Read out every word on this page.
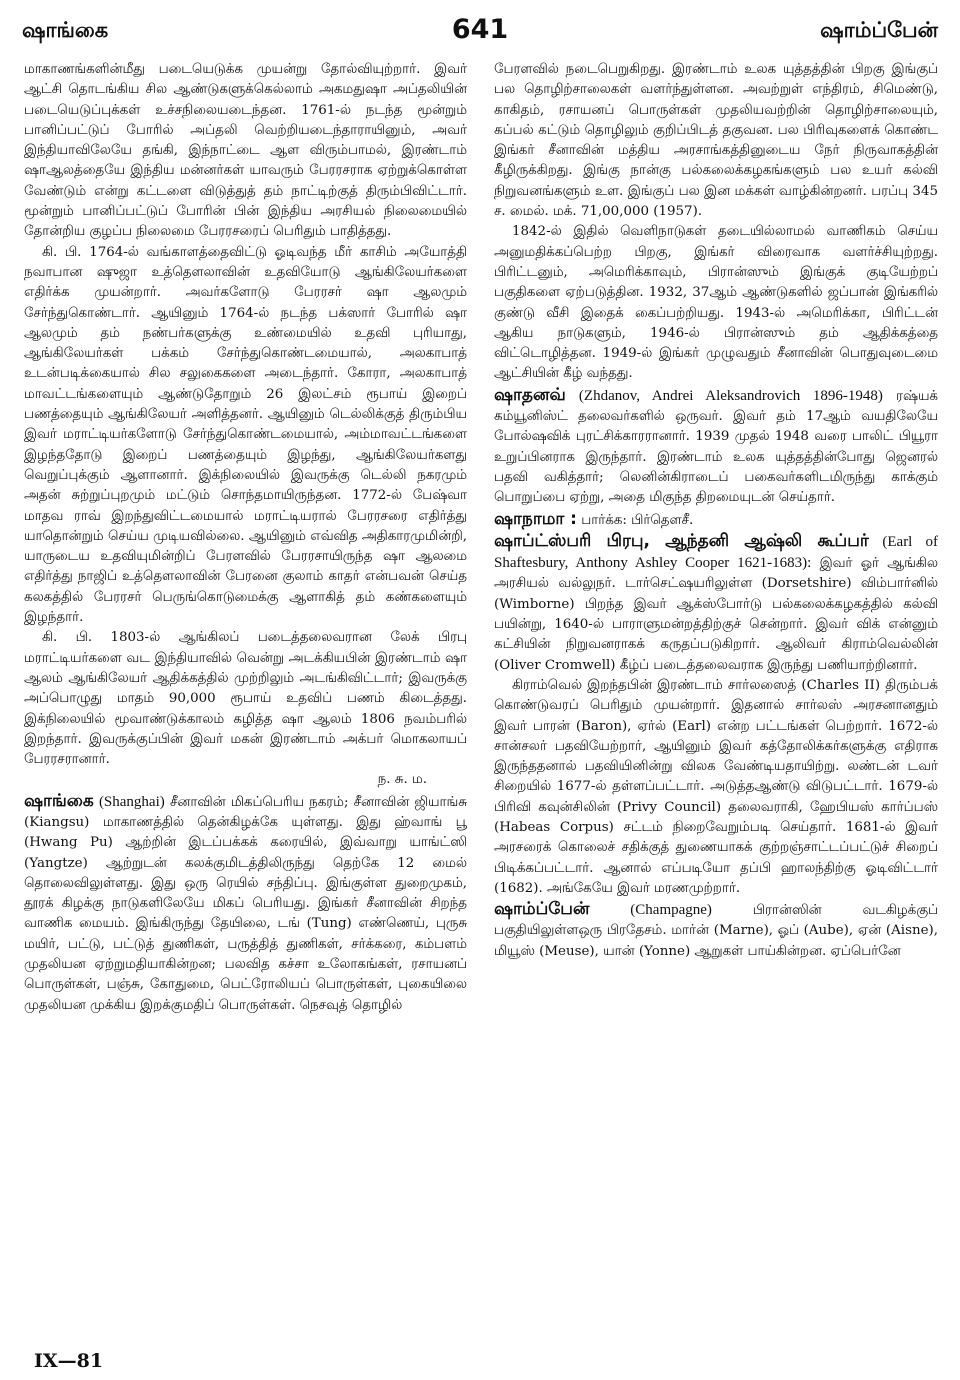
ஷாங்கை	641	ஷாம்ப்பேன்

மாகாணங்களின்மீது படையெடுக்க முயன்று தோல்வியுற்றார். இவர் ஆட்சி தொடங்கிய சில ஆண்டுகளுக்கெல்லாம் அகமதுஷா அப்தலியின் படையெடுப்புக்கள் உச்சநிலையடைந்தன. 1761-ல் நடந்த மூன்றும் பானிப்பட்டுப் போரில் அப்தலி வெற்றியடைந்தாராயினும், அவர் இந்தியாவிலேயே தங்கி, இந்நாட்டை ஆள விரும்பாமல், இரண்டாம் ஷாஆலத்தையே இந்திய மன்னர்கள் யாவரும் பேரரசராக ஏற்றுக்கொள்ள வேண்டும் என்று கட்டளை விடுத்துத் தம் நாட்டிற்குத் திரும்பிவிட்டார். மூன்றும் பானிப்பட்டுப் போரின் பின் இந்திய அரசியல் நிலைமையில் தோன்றிய குழப்ப நிலைமை பேரரசரைப் பெரிதும் பாதித்தது.

கி. பி. 1764-ல் வங்காளத்தைவிட்டு ஓடிவந்த மீர் காசிம் அயோத்தி நவாபான ஷுஜா உத்தௌலாவின் உதவியோடு ஆங்கிலேயர்களை எதிர்க்க முயன்றார். அவர்களோடு பேரரசர் ஷா ஆலமும் சேர்ந்துகொண்டார். ஆயினும் 1764-ல் நடந்த பக்ஸார் போரில் ஷா ஆலமும் தம் நண்பர்களுக்கு உண்மையில் உதவி புரியாது, ஆங்கிலேயர்கள் பக்கம் சேர்ந்துகொண்டமையால், அலகாபாத் உடன்படிக்கையால் சில சலுகைகளை அடைந்தார். கோரா, அலகாபாத் மாவட்டங்களையும் ஆண்டுதோறும் 26 இலட்சம் ரூபாய் இறைப் பணத்தையும் ஆங்கிலேயர் அளித்தனர். ஆயினும் டெல்லிக்குத் திரும்பிய இவர் மராட்டியர்களோடு சேர்ந்துகொண்டமையால், அம்மாவட்டங்களை இழந்ததோடு இறைப் பணத்தையும் இழந்து, ஆங்கிலேயர்களது வெறுப்புக்கும் ஆளானார். இக்நிலையில் இவருக்கு டெல்லி நகரமும் அதன் சுற்றுப்புறமும் மட்டும் சொந்தமாயிருந்தன. 1772-ல் பேஷ்வா மாதவ ராவ் இறந்துவிட்டமையால் மராட்டியரால் பேரரசரை எதிர்த்து யாதொன்றும் செய்ய முடியவில்லை. ஆயினும் எவ்வித அதிகாரமுமின்றி, யாருடைய உதவியுமின்றிப் பேரளவில் பேரரசாயிருந்த ஷா ஆலமை எதிர்த்து நாஜிப் உத்தௌலாவின் பேரனை குலாம் காதர் என்பவன் செய்த கலகத்தில் பேரரசர் பெருங்கொடுமைக்கு ஆளாகித் தம் கண்களையும் இழந்தார்.

கி. பி. 1803-ல் ஆங்கிலப் படைத்தலைவரான லேக் பிரபு மராட்டியர்களை வட இந்தியாவில் வென்று அடக்கியபின் இரண்டாம் ஷா ஆலம் ஆங்கிலேயர் ஆதிக்கத்தில் முற்றிலும் அடங்கிவிட்டார்; இவருக்கு அப்பொழுது மாதம் 90,000 ரூபாய் உதவிப் பணம் கிடைத்தது. இக்நிலையில் மூவாண்டுக்காலம் கழித்த ஷா ஆலம் 1806 நவம்பரில் இறந்தார். இவருக்குப்பின் இவர் மகன் இரண்டாம் அக்பர் மொகலாயப் பேரரசரானார்.

ந. சு. ம.

ஷாங்கை (Shanghai) சீனாவின் மிகப்பெரிய நகரம்; சீனாவின் ஜியாங்சு (Kiangsu) மாகாணத்தில் தென்கிழக்கே யுள்ளது. இது ஹ்வாங் பூ (Hwang Pu) ஆற்றின் இடப்பக்கக் கரையில், இவ்வாறு யாங்ட்ஸி (Yangtze) ஆற்றுடன் கலக்குமிடத்திலிருந்து தெற்கே 12 மைல் தொலைவிலுள்ளது. இது ஒரு ரெயில் சந்திப்பு. இங்குள்ள துறைமுகம், தூரக் கிழக்கு நாடுகளிலேயே மிகப் பெரியது. இங்கர் சீனாவின் சிறந்த வாணிக மையம். இங்கிருந்து தேயிலை, டங் (Tung) எண்ணெய், புருசு மயிர், பட்டு, பட்டுத் துணிகள், பருத்தித் துணிகள், சர்க்கரை, கம்பளம் முதலியன ஏற்றுமதியாகின்றன; பலவித கச்சா உலோகங்கள், ரசாயனப் பொருள்கள், பஞ்சு, கோதுமை, பெட்ரோலியப் பொருள்கள், புகையிலை முதலியன முக்கிய இறக்குமதிப் பொருள்கள். நெசவுத் தொழில்

பேரளவில் நடைபெறுகிறது. இரண்டாம் உலக யுத்தத்தின் பிறகு இங்குப் பல தொழிற்சாலைகள் வளர்ந்துள்ளன. அவற்றுள் எந்திரம், சிமெண்டு, காகிதம், ரசாயனப் பொருள்கள் முதலியவற்றின் தொழிற்சாலையும், கப்பல் கட்டும் தொழிலும் குறிப்பிடத் தகுவன. பல பிரிவுகளைக் கொண்ட இங்கர் சீனாவின் மத்திய அரசாங்கத்தினுடைய நேர் நிருவாகத்தின் கீழிருக்கிறது. இங்கு நான்கு பல்கலைக்கழகங்களும் பல உயர் கல்வி நிறுவனங்களும் உள. இங்குப் பல இன மக்கள் வாழ்கின்றனர். பரப்பு 345 ச. மைல். மக். 71,00,000 (1957).

1842-ல் இதில் வெளிநாடுகள் தடையில்லாமல் வாணிகம் செய்ய அனுமதிக்கப்பெற்ற பிறகு, இங்கர் விரைவாக வளர்ச்சியுற்றது. பிரிட்டனும், அமெரிக்காவும், பிரான்ஸும் இங்குக் குடியேற்றப் பகுதிகளை ஏற்படுத்தின. 1932, 37ஆம் ஆண்டுகளில் ஜப்பான் இங்கரில் குண்டு வீசி இதைக் கைப்பற்றியது. 1943-ல் அமெரிக்கா, பிரிட்டன் ஆகிய நாடுகளும், 1946-ல் பிரான்ஸும் தம் ஆதிக்கத்தை விட்டொழித்தன. 1949-ல் இங்கர் முழுவதும் சீனாவின் பொதுவுடைமை ஆட்சியின் கீழ் வந்தது.

ஷாதனவ் (Zhdanov, Andrei Aleksandrovich 1896-1948) ரஷ்யக் கம்யூனிஸ்ட் தலைவர்களில் ஒருவர். இவர் தம் 17ஆம் வயதிலேயே போல்ஷவிக் புரட்சிக்காரரானார். 1939 முதல் 1948 வரை பாலிட் பியூரா உறுப்பினராக இருந்தார். இரண்டாம் உலக யுத்தத்தின்போது ஜெனரல் பதவி வகித்தார்; லெனின்கிராடைப் பகைவர்களிடமிருந்து காக்கும் பொறுப்பை ஏற்று, அதை மிகுந்த திறமையுடன் செய்தார்.

ஷாநாமா : பார்க்க: பிர்தௌசீ.

ஷாப்ட்ஸ்பரி பிரபு, ஆந்தனி ஆஷ்லி கூப்பர் (Earl of Shaftesbury, Anthony Ashley Cooper 1621-1683): இவர் ஓர் ஆங்கில அரசியல் வல்லுநர். டார்செட்ஷயரிலுள்ள (Dorsetshire) விம்பார்னில் (Wimborne) பிறந்த இவர் ஆக்ஸ்போர்டு பல்கலைக்கழகத்தில் கல்வி பயின்று, 1640-ல் பாராளுமன்றத்திற்குச் சென்றார். இவர் விக் என்னும் கட்சியின் நிறுவனராகக் கருதப்படுகிறார். ஆலிவர் கிராம்வெல்லின் (Oliver Cromwell) கீழ்ப் படைத்தலைவராக இருந்து பணியாற்றினார்.

கிராம்வெல் இறந்தபின் இரண்டாம் சார்லஸைத் (Charles II) திரும்பக் கொண்டுவரப் பெரிதும் முயன்றார். இதனால் சார்லஸ் அரசனானதும் இவர் பாரன் (Baron), ஏர்ல் (Earl) என்ற பட்டங்கள் பெற்றார். 1672-ல் சான்சலர் பதவியேற்றார், ஆயினும் இவர் கத்தோலிக்கர்களுக்கு எதிராக இருந்ததனால் பதவியினின்று விலக வேண்டியதாயிற்று. லண்டன் டவர் சிறையில் 1677-ல் தள்ளப்பட்டார். அடுத்தஆண்டு விடுபட்டார். 1679-ல் பிரிவி கவுன்சிலின் (Privy Council) தலைவராகி, ஹேபியஸ் கார்ப்பஸ் (Habeas Corpus) சட்டம் நிறைவேறும்படி செய்தார். 1681-ல் இவர் அரசரைக் கொலைச் சதிக்குத் துணையாகக் குற்றஞ்சாட்டப்பட்டுச் சிறைப் பிடிக்கப்பட்டார். ஆனால் எப்படியோ தப்பி ஹாலந்திற்கு ஓடிவிட்டார் (1682). அங்கேயே இவர் மரணமுற்றார்.

ஷாம்ப்பேன்	(Champagne)	பிரான்ஸின் வடகிழக்குப் பகுதியிலுள்ளஒரு பிரதேசம். மார்ன் (Marne), ஓப் (Aube), ஏன் (Aisne), மியூஸ் (Meuse), யான் (Yonne) ஆறுகள் பாய்கின்றன. ஏப்பெர்னே

IX—81
